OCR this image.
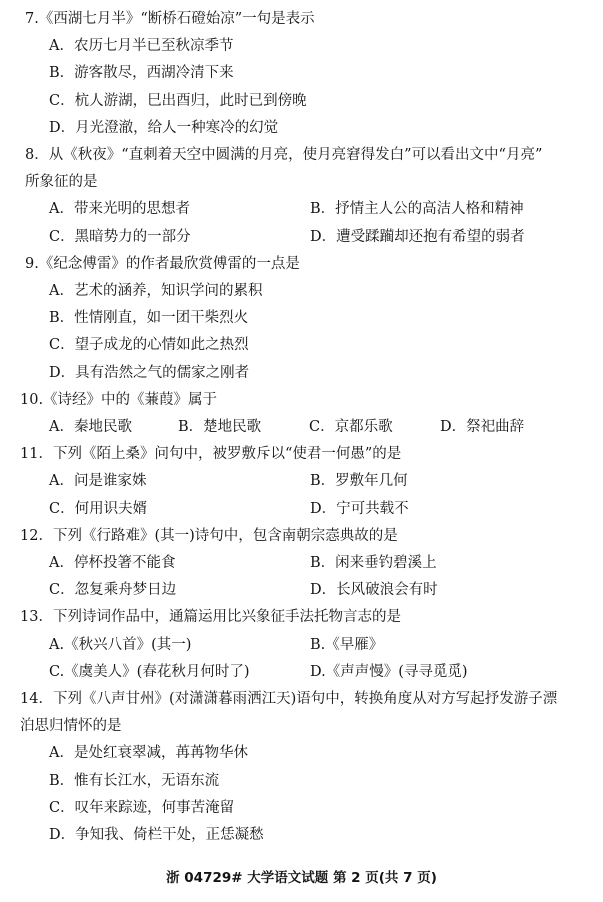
7.《西湖七月半》“断桥石磴始凉”一句是表示
A．农历七月半已至秋凉季节
B．游客散尽，西湖冷清下来
C．杭人游湖，巳出酉归，此时已到傍晚
D．月光澄澈，给人一种寒冷的幻觉
8．从《秋夜》“直刺着天空中圆满的月亮，使月亮窘得发白”可以看出文中“月亮”
所象征的是
A．带来光明的思想者	B．抒情主人公的高洁人格和精神
C．黑暗势力的一部分	D．遭受蹂躏却还抱有希望的弱者
9.《纪念傅雷》的作者最欣赏傅雷的一点是
A．艺术的涵养，知识学问的累积
B．性情刚直，如一团干柴烈火
C．望子成龙的心情如此之热烈
D．具有浩然之气的儒家之刚者
10.《诗经》中的《蒹葭》属于
A．秦地民歌	B．楚地民歌	C．京都乐歌	D．祭祀曲辞
11．下列《陌上桑》问句中，被罗敷斥以“使君一何愚”的是
A．问是谁家姝	B．罗敷年几何
C．何用识夫婿	D．宁可共载不
12．下列《行路难》(其一)诗句中，包含南朝宗悫典故的是
A．停杯投箸不能食	B．闲来垂钓碧溪上
C．忽复乘舟梦日边	D．长风破浪会有时
13．下列诗词作品中，通篇运用比兴象征手法托物言志的是
A.《秋兴八首》(其一)	B.《早雁》
C.《虞美人》(春花秋月何时了)	D.《声声慢》(寻寻觅觅)
14．下列《八声甘州》(对潇潇暮雨洒江天)语句中，转换角度从对方写起抒发游子漂
泊思归情怀的是
A．是处红衰翠减，苒苒物华休
B．惟有长江水，无语东流
C．叹年来踪迹，何事苦淹留
D．争知我、倚栏干处，正恁凝愁
浙 04729# 大学语文试题 第 2 页(共 7 页)
